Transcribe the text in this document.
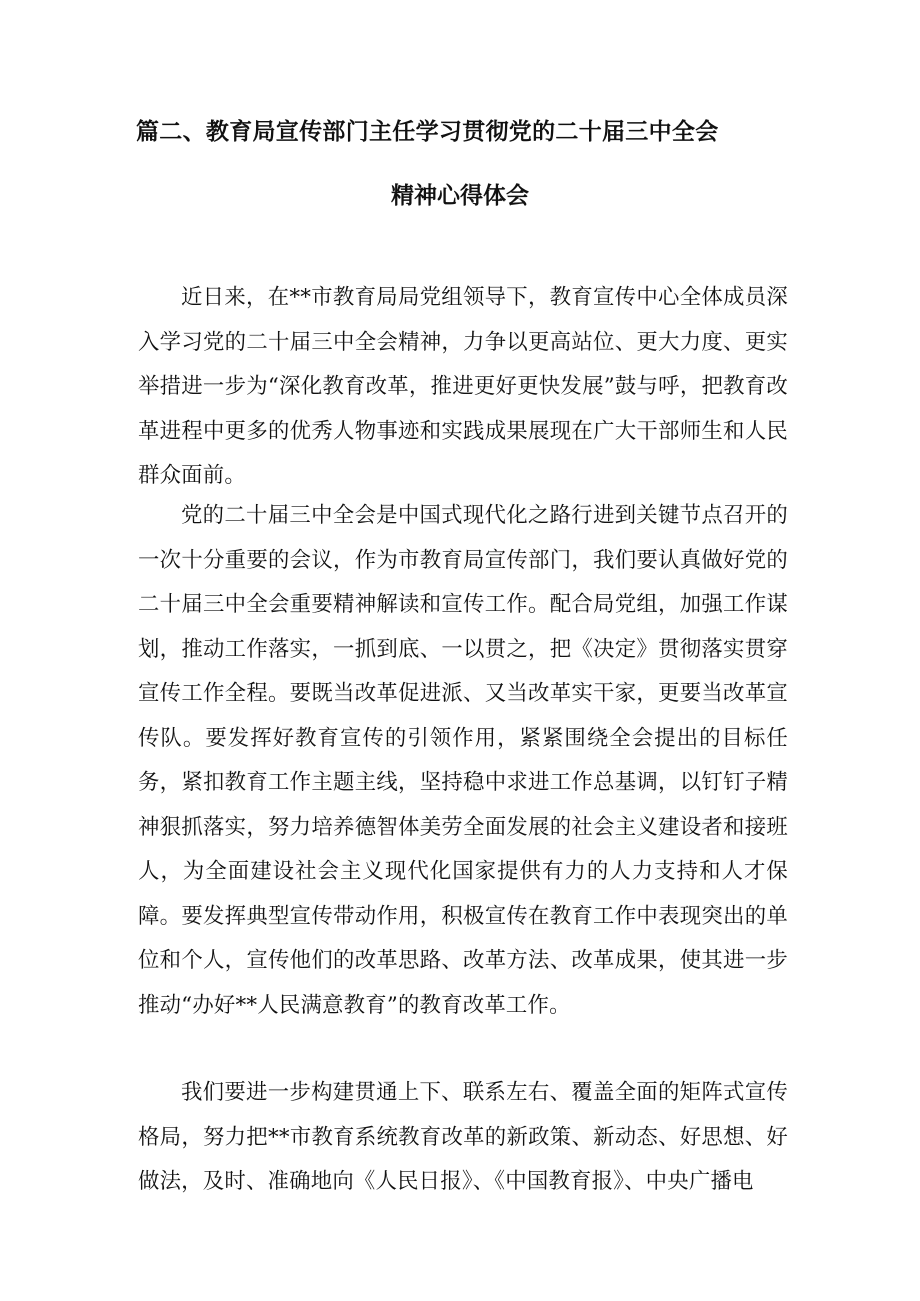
篇二、教育局宣传部门主任学习贯彻党的二十届三中全会
精神心得体会

近日来，在**市教育局局党组领导下，教育宣传中心全体成员深入学习党的二十届三中全会精神，力争以更高站位、更大力度、更实举措进一步为“深化教育改革，推进更好更快发展”鼓与呼，把教育改革进程中更多的优秀人物事迹和实践成果展现在广大干部师生和人民群众面前。

党的二十届三中全会是中国式现代化之路行进到关键节点召开的一次十分重要的会议，作为市教育局宣传部门，我们要认真做好党的二十届三中全会重要精神解读和宣传工作。配合局党组，加强工作谋划，推动工作落实，一抓到底、一以贯之，把《决定》贯彻落实贯穿宣传工作全程。要既当改革促进派、又当改革实干家，更要当改革宣传队。要发挥好教育宣传的引领作用，紧紧围绕全会提出的目标任务，紧扣教育工作主题主线，坚持稳中求进工作总基调，以钉钉子精神狠抓落实，努力培养德智体美劳全面发展的社会主义建设者和接班人，为全面建设社会主义现代化国家提供有力的人力支持和人才保障。要发挥典型宣传带动作用，积极宣传在教育工作中表现突出的单位和个人，宣传他们的改革思路、改革方法、改革成果，使其进一步推动“办好**人民满意教育”的教育改革工作。

我们要进一步构建贯通上下、联系左右、覆盖全面的矩阵式宣传格局，努力把**市教育系统教育改革的新政策、新动态、好思想、好做法，及时、准确地向《人民日报》、《中国教育报》、中央广播电
